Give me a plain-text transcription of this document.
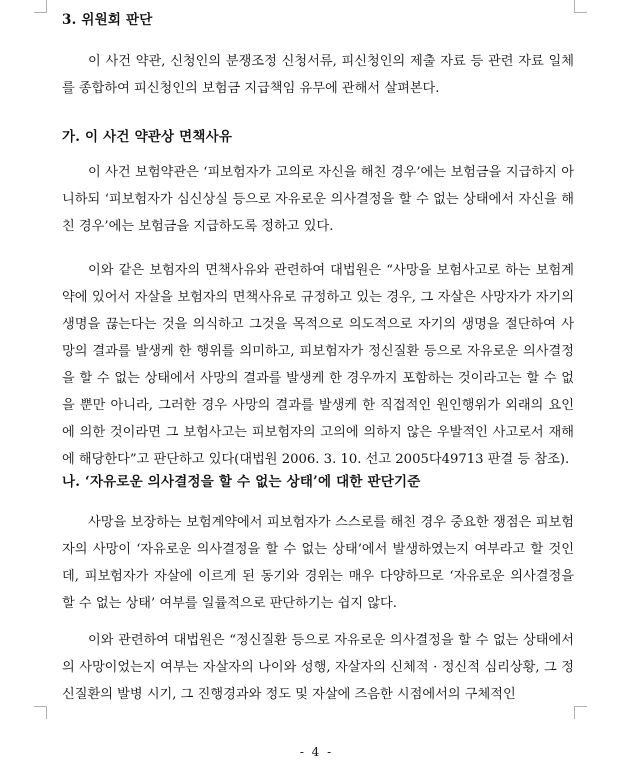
3. 위원회 판단
이 사건 약관, 신청인의 분쟁조정 신청서류, 피신청인의 제출 자료 등 관련 자료 일체를 종합하여 피신청인의 보험금 지급책임 유무에 관해서 살펴본다.
가. 이 사건 약관상 면책사유
이 사건 보험약관은 ‘피보험자가 고의로 자신을 해친 경우’에는 보험금을 지급하지 아니하되 ‘피보험자가 심신상실 등으로 자유로운 의사결정을 할 수 없는 상태에서 자신을 해친 경우’에는 보험금을 지급하도록 정하고 있다.
이와 같은 보험자의 면책사유와 관련하여 대법원은 “사망을 보험사고로 하는 보험계약에 있어서 자살을 보험자의 면책사유로 규정하고 있는 경우, 그 자살은 사망자가 자기의 생명을 끊는다는 것을 의식하고 그것을 목적으로 의도적으로 자기의 생명을 절단하여 사망의 결과를 발생케 한 행위를 의미하고, 피보험자가 정신질환 등으로 자유로운 의사결정을 할 수 없는 상태에서 사망의 결과를 발생케 한 경우까지 포함하는 것이라고는 할 수 없을 뿐만 아니라, 그러한 경우 사망의 결과를 발생케 한 직접적인 원인행위가 외래의 요인에 의한 것이라면 그 보험사고는 피보험자의 고의에 의하지 않은 우발적인 사고로서 재해에 해당한다”고 판단하고 있다(대법원 2006. 3. 10. 선고 2005다49713 판결 등 참조).
나. ‘자유로운 의사결정을 할 수 없는 상태’에 대한 판단기준
사망을 보장하는 보험계약에서 피보험자가 스스로를 해친 경우 중요한 쟁점은 피보험자의 사망이 ‘자유로운 의사결정을 할 수 없는 상태’에서 발생하였는지 여부라고 할 것인데, 피보험자가 자살에 이르게 된 동기와 경위는 매우 다양하므로 ‘자유로운 의사결정을 할 수 없는 상태’ 여부를 일률적으로 판단하기는 쉽지 않다.
이와 관련하여 대법원은 “정신질환 등으로 자유로운 의사결정을 할 수 없는 상태에서의 사망이었는지 여부는 자살자의 나이와 성행, 자살자의 신체적 · 정신적 심리상황, 그 정신질환의 발병 시기, 그 진행경과와 정도 및 자살에 즈음한 시점에서의 구체적인
- 4 -
